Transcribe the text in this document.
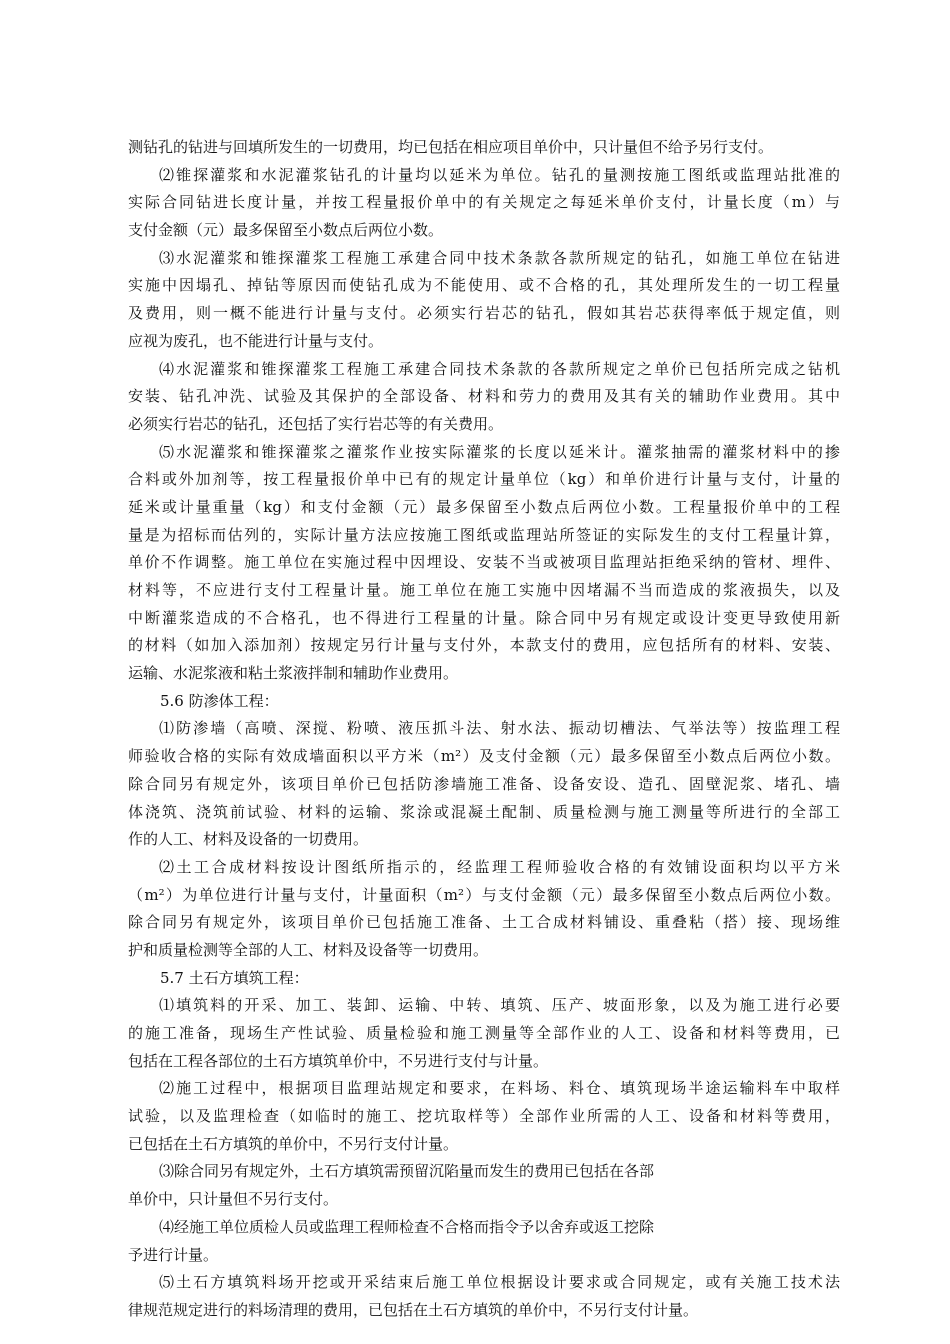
测钻孔的钻进与回填所发生的一切费用，均已包括在相应项目单价中，只计量但不给予另行支付。
⑵锥探灌浆和水泥灌浆钻孔的计量均以延米为单位。钻孔的量测按施工图纸或监理站批准的
实际合同钻进长度计量，并按工程量报价单中的有关规定之每延米单价支付，计量长度（m）与
支付金额（元）最多保留至小数点后两位小数。
⑶水泥灌浆和锥探灌浆工程施工承建合同中技术条款各款所规定的钻孔，如施工单位在钻进
实施中因塌孔、掉钻等原因而使钻孔成为不能使用、或不合格的孔，其处理所发生的一切工程量
及费用，则一概不能进行计量与支付。必须实行岩芯的钻孔，假如其岩芯获得率低于规定值，则
应视为废孔，也不能进行计量与支付。
⑷水泥灌浆和锥探灌浆工程施工承建合同技术条款的各款所规定之单价已包括所完成之钻机
安装、钻孔冲洗、试验及其保护的全部设备、材料和劳力的费用及其有关的辅助作业费用。其中
必须实行岩芯的钻孔，还包括了实行岩芯等的有关费用。
⑸水泥灌浆和锥探灌浆之灌浆作业按实际灌浆的长度以延米计。灌浆抽需的灌浆材料中的掺
合料或外加剂等，按工程量报价单中已有的规定计量单位（kg）和单价进行计量与支付，计量的
延米或计量重量（kg）和支付金额（元）最多保留至小数点后两位小数。工程量报价单中的工程
量是为招标而估列的，实际计量方法应按施工图纸或监理站所签证的实际发生的支付工程量计算，
单价不作调整。施工单位在实施过程中因埋设、安装不当或被项目监理站拒绝采纳的管材、埋件、
材料等，不应进行支付工程量计量。施工单位在施工实施中因堵漏不当而造成的浆液损失，以及
中断灌浆造成的不合格孔，也不得进行工程量的计量。除合同中另有规定或设计变更导致使用新
的材料（如加入添加剂）按规定另行计量与支付外，本款支付的费用，应包括所有的材料、安装、
运输、水泥浆液和粘土浆液拌制和辅助作业费用。
5.6 防渗体工程：
⑴防渗墙（高喷、深搅、粉喷、液压抓斗法、射水法、振动切槽法、气举法等）按监理工程
师验收合格的实际有效成墙面积以平方米（m²）及支付金额（元）最多保留至小数点后两位小数。
除合同另有规定外，该项目单价已包括防渗墙施工准备、设备安设、造孔、固壁泥浆、堵孔、墙
体浇筑、浇筑前试验、材料的运输、浆涂或混凝土配制、质量检测与施工测量等所进行的全部工
作的人工、材料及设备的一切费用。
⑵土工合成材料按设计图纸所指示的，经监理工程师验收合格的有效铺设面积均以平方米
（m²）为单位进行计量与支付，计量面积（m²）与支付金额（元）最多保留至小数点后两位小数。
除合同另有规定外，该项目单价已包括施工准备、土工合成材料铺设、重叠粘（搭）接、现场维
护和质量检测等全部的人工、材料及设备等一切费用。
5.7 土石方填筑工程：
⑴填筑料的开采、加工、装卸、运输、中转、填筑、压产、坡面形象，以及为施工进行必要
的施工准备，现场生产性试验、质量检验和施工测量等全部作业的人工、设备和材料等费用，已
包括在工程各部位的土石方填筑单价中，不另进行支付与计量。
⑵施工过程中，根据项目监理站规定和要求，在料场、料仓、填筑现场半途运输料车中取样
试验，以及监理检查（如临时的施工、挖坑取样等）全部作业所需的人工、设备和材料等费用，
已包括在土石方填筑的单价中，不另行支付计量。
⑶除合同另有规定外，土石方填筑需预留沉陷量而发生的费用已包括在各部
单价中，只计量但不另行支付。
⑷经施工单位质检人员或监理工程师检查不合格而指令予以舍弃或返工挖除
予进行计量。
⑸土石方填筑料场开挖或开采结束后施工单位根据设计要求或合同规定，或有关施工技术法
律规范规定进行的料场清理的费用，已包括在土石方填筑的单价中，不另行支付计量。
